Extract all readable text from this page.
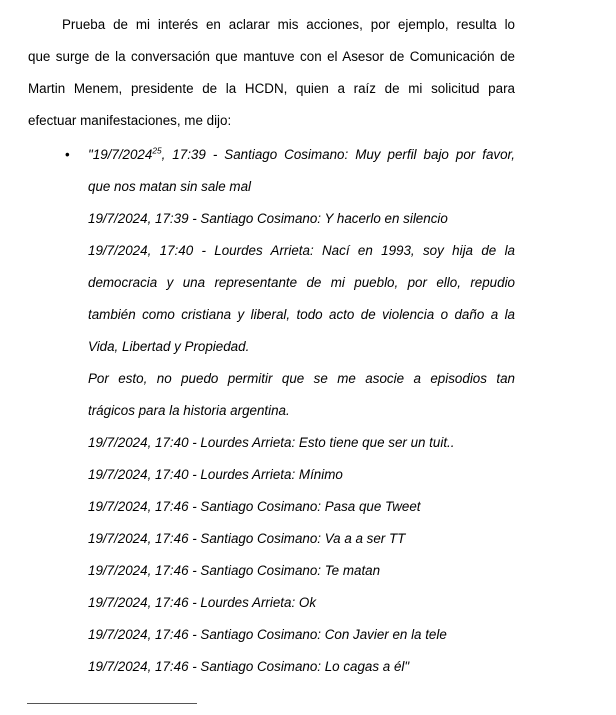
Prueba de mi interés en aclarar mis acciones, por ejemplo, resulta lo
que surge de la conversación que mantuve con el Asesor de Comunicación de
Martin Menem, presidente de la HCDN, quien a raíz de mi solicitud para
efectuar manifestaciones, me dijo:
• "19/7/2024$^{25}$, 17:39 - Santiago Cosimano: Muy perfil bajo por favor,
que nos matan sin sale mal
19/7/2024, 17:39 - Santiago Cosimano: Y hacerlo en silencio
19/7/2024, 17:40 - Lourdes Arrieta: Nací en 1993, soy hija de la
democracia y una representante de mi pueblo, por ello, repudio
también como cristiana y liberal, todo acto de violencia o daño a la
Vida, Libertad y Propiedad.
Por esto, no puedo permitir que se me asocie a episodios tan
trágicos para la historia argentina.
19/7/2024, 17:40 - Lourdes Arrieta: Esto tiene que ser un tuit..
19/7/2024, 17:40 - Lourdes Arrieta: Mínimo
19/7/2024, 17:46 - Santiago Cosimano: Pasa que Tweet
19/7/2024, 17:46 - Santiago Cosimano: Va a a ser TT
19/7/2024, 17:46 - Santiago Cosimano: Te matan
19/7/2024, 17:46 - Lourdes Arrieta: Ok
19/7/2024, 17:46 - Santiago Cosimano: Con Javier en la tele
19/7/2024, 17:46 - Santiago Cosimano: Lo cagas a él"
